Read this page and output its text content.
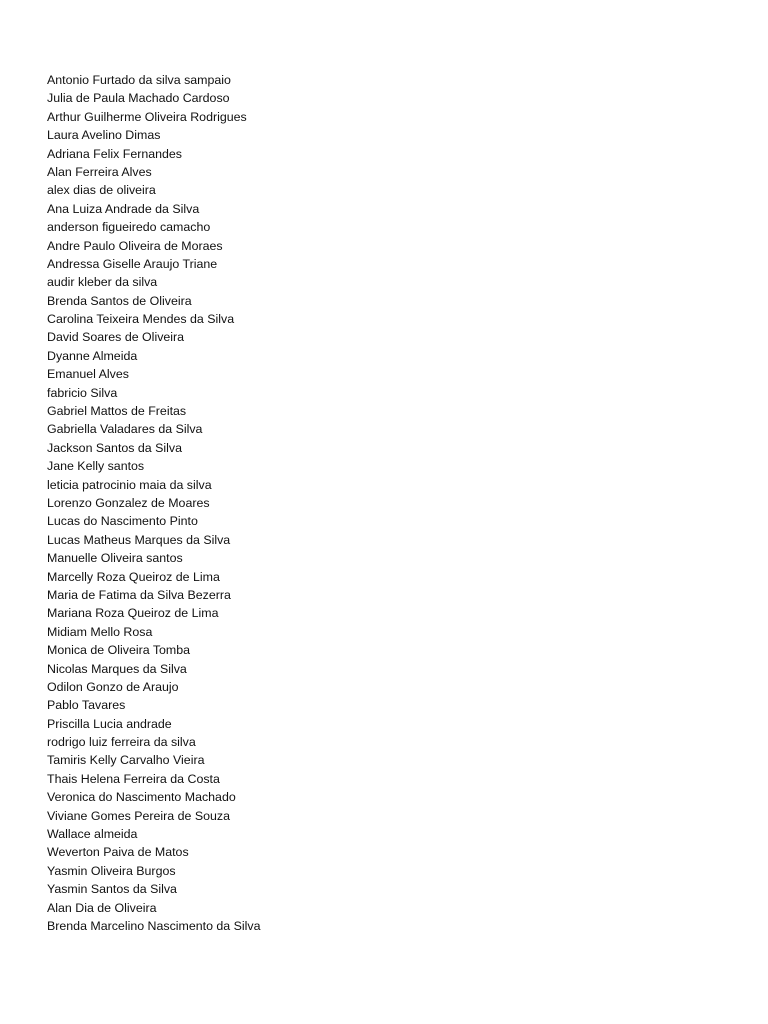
Antonio Furtado da silva sampaio
Julia de Paula Machado Cardoso
Arthur Guilherme Oliveira Rodrigues
Laura Avelino Dimas
Adriana Felix Fernandes
Alan Ferreira Alves
alex dias de oliveira
Ana Luiza Andrade da Silva
anderson figueiredo camacho
Andre Paulo Oliveira de Moraes
Andressa Giselle Araujo Triane
audir kleber da silva
Brenda Santos de Oliveira
Carolina Teixeira Mendes da Silva
David Soares de Oliveira
Dyanne Almeida
Emanuel Alves
fabricio Silva
Gabriel Mattos de Freitas
Gabriella Valadares da Silva
Jackson Santos da Silva
Jane Kelly santos
leticia patrocinio maia da silva
Lorenzo Gonzalez de Moares
Lucas do Nascimento Pinto
Lucas Matheus Marques da Silva
Manuelle Oliveira santos
Marcelly Roza Queiroz de Lima
Maria de Fatima da Silva Bezerra
Mariana Roza Queiroz de Lima
Midiam Mello Rosa
Monica de Oliveira Tomba
Nicolas Marques da Silva
Odilon Gonzo de Araujo
Pablo Tavares
Priscilla Lucia andrade
rodrigo luiz ferreira da silva
Tamiris Kelly Carvalho Vieira
Thais Helena Ferreira da Costa
Veronica do Nascimento Machado
Viviane Gomes Pereira de Souza
Wallace almeida
Weverton Paiva de Matos
Yasmin Oliveira Burgos
Yasmin Santos da Silva
Alan Dia de Oliveira
Brenda Marcelino Nascimento da Silva
